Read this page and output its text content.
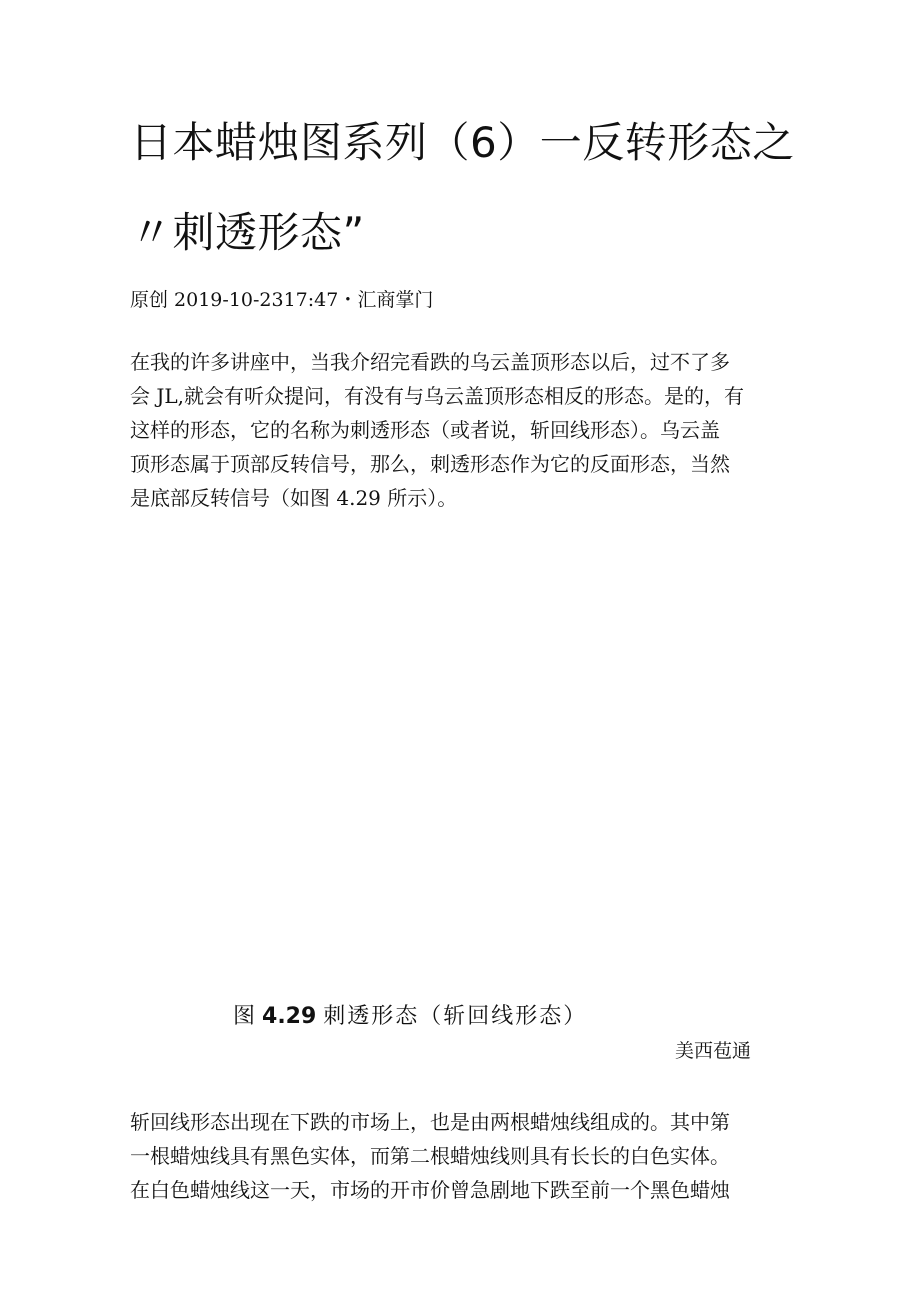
日本蜡烛图系列（6）一反转形态之
〃刺透形态”
原创 2019-10-2317:47・汇商掌门
在我的许多讲座中，当我介绍完看跌的乌云盖顶形态以后，过不了多
会 JL,就会有听众提问，有没有与乌云盖顶形态相反的形态。是的，有
这样的形态，它的名称为刺透形态（或者说，斩回线形态）。乌云盖
顶形态属于顶部反转信号，那么，刺透形态作为它的反面形态，当然
是底部反转信号（如图 4.29 所示）。
图 4.29 刺透形态（斩回线形态）
美西苞通
斩回线形态出现在下跌的市场上，也是由两根蜡烛线组成的。其中第
一根蜡烛线具有黑色实体，而第二根蜡烛线则具有长长的白色实体。
在白色蜡烛线这一天，市场的开市价曾急剧地下跌至前一个黑色蜡烛
